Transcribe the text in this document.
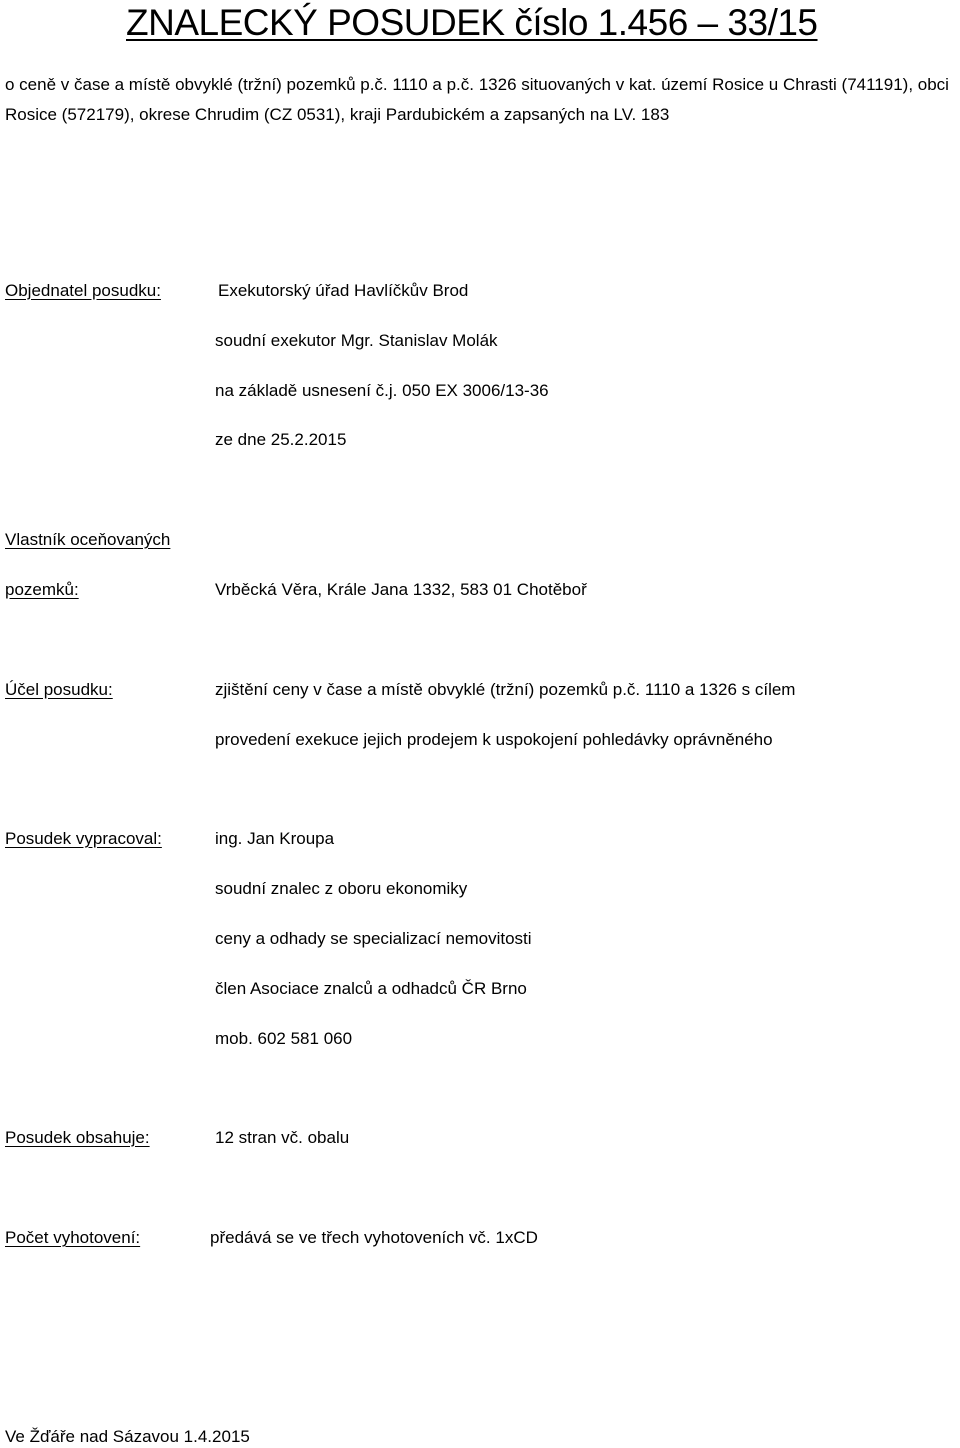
ZNALECKÝ POSUDEK číslo 1.456 – 33/15
o ceně v čase a místě obvyklé (tržní) pozemků p.č. 1110 a p.č. 1326 situovaných v kat. území Rosice u Chrasti (741191), obci Rosice (572179), okrese Chrudim (CZ 0531), kraji Pardubickém a zapsaných na LV. 183
Objednatel posudku:	Exekutorský úřad Havlíčkův Brod
soudní exekutor Mgr. Stanislav Molák
na základě usnesení č.j. 050 EX 3006/13-36
ze dne 25.2.2015
Vlastník oceňovaných
pozemků:	Vrběcká Věra, Krále Jana 1332, 583 01 Chotěboř
Účel posudku:	zjištění ceny v čase a místě obvyklé (tržní) pozemků p.č. 1110 a 1326 s cílem
provedení exekuce jejich prodejem k uspokojení pohledávky oprávněného
Posudek vypracoval:	ing. Jan Kroupa
soudní znalec z oboru ekonomiky
ceny a odhady se specializací nemovitosti
člen Asociace znalců a odhadců ČR Brno
mob. 602 581 060
Posudek obsahuje:	12 stran vč. obalu
Počet vyhotovení:	předává se ve třech vyhotoveních vč. 1xCD
Ve Žďáře nad Sázavou 1.4.2015
